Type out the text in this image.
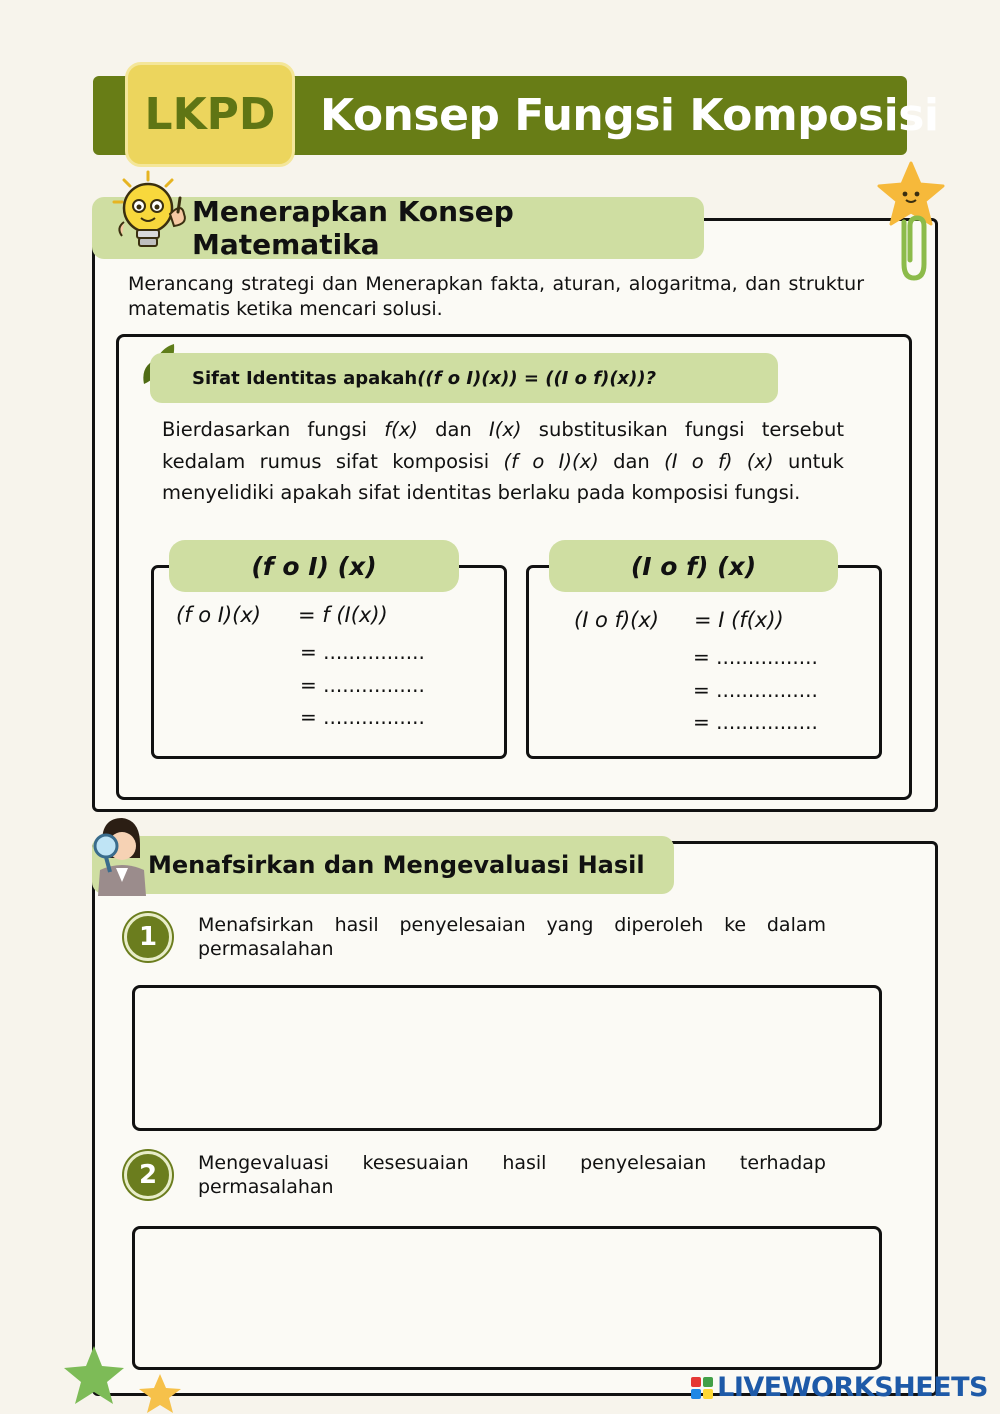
LKPD	Konsep Fungsi Komposisi
Menerapkan Konsep Matematika
Merancang strategi dan Menerapkan fakta, aturan, alogaritma, dan struktur matematis ketika mencari solusi.
Sifat Identitas apakah ((f o I)(x)) = ((I o f)(x))?
Bierdasarkan fungsi f(x) dan I(x) substitusikan fungsi tersebut kedalam rumus sifat komposisi (f o I)(x) dan (I o f) (x) untuk menyelidiki apakah sifat identitas berlaku pada komposisi fungsi.
(f o I) (x)
(f o I)(x) = f (I(x))
= ................
= ................
= ................
(I o f) (x)
(I o f)(x) = I (f(x))
= ................
= ................
= ................
Menafsirkan dan Mengevaluasi Hasil
1	Menafsirkan hasil penyelesaian yang diperoleh ke dalam permasalahan
2	Mengevaluasi kesesuaian hasil penyelesaian terhadap permasalahan
LIVEWORKSHEETS
